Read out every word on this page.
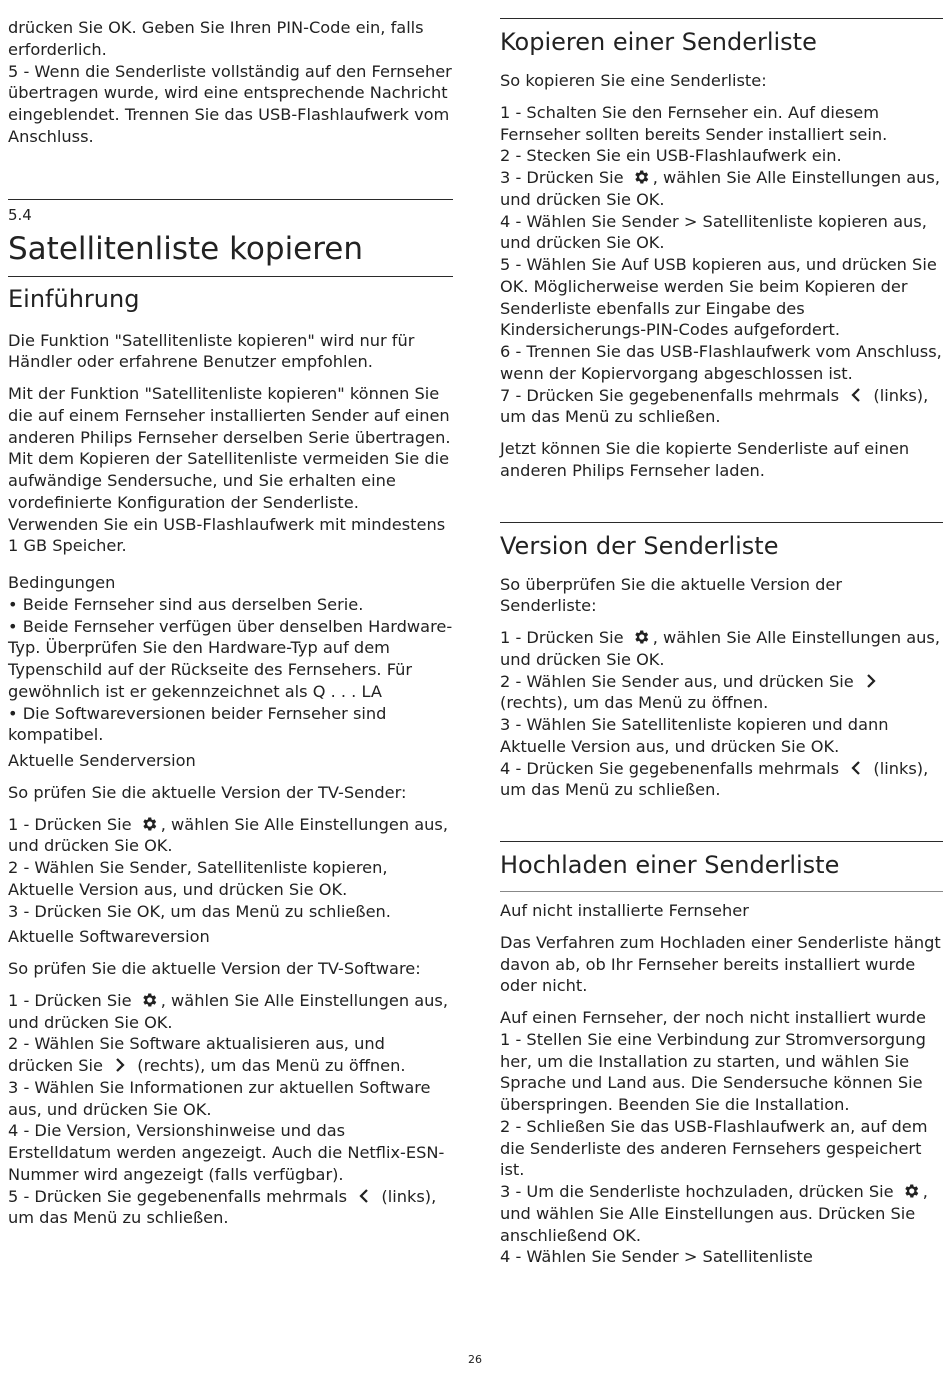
drücken Sie OK. Geben Sie Ihren PIN-Code ein, falls erforderlich.

5 - Wenn die Senderliste vollständig auf den Fernseher übertragen wurde, wird eine entsprechende Nachricht eingeblendet. Trennen Sie das USB-Flashlaufwerk vom Anschluss.

5.4
Satellitenliste kopieren
Einführung

Die Funktion "Satellitenliste kopieren" wird nur für Händler oder erfahrene Benutzer empfohlen.

Mit der Funktion "Satellitenliste kopieren" können Sie die auf einem Fernseher installierten Sender auf einen anderen Philips Fernseher derselben Serie übertragen. Mit dem Kopieren der Satellitenliste vermeiden Sie die aufwändige Sendersuche, und Sie erhalten eine vordefinierte Konfiguration der Senderliste. Verwenden Sie ein USB-Flashlaufwerk mit mindestens 1 GB Speicher.

Bedingungen

• Beide Fernseher sind aus derselben Serie.

• Beide Fernseher verfügen über denselben Hardware-Typ. Überprüfen Sie den Hardware-Typ auf dem Typenschild auf der Rückseite des Fernsehers. Für gewöhnlich ist er gekennzeichnet als Q . . . LA

• Die Softwareversionen beider Fernseher sind kompatibel.

Aktuelle Senderversion

So prüfen Sie die aktuelle Version der TV-Sender:

1 - Drücken Sie
, wählen Sie Alle Einstellungen aus, und drücken Sie OK.

2 - Wählen Sie Sender, Satellitenliste kopieren, Aktuelle Version aus, und drücken Sie OK.

3 - Drücken Sie OK, um das Menü zu schließen.

Aktuelle Softwareversion

So prüfen Sie die aktuelle Version der TV-Software:

1 - Drücken Sie
, wählen Sie Alle Einstellungen aus, und drücken Sie OK.

2 - Wählen Sie Software aktualisieren aus, und drücken Sie
(rechts), um das Menü zu öffnen.

3 - Wählen Sie Informationen zur aktuellen Software aus, und drücken Sie OK.

4 - Die Version, Versionshinweise und das Erstelldatum werden angezeigt. Auch die Netflix-ESN-Nummer wird angezeigt (falls verfügbar).

5 - Drücken Sie gegebenenfalls mehrmals
(links), um das Menü zu schließen.

Kopieren einer Senderliste

So kopieren Sie eine Senderliste:

1 - Schalten Sie den Fernseher ein. Auf diesem Fernseher sollten bereits Sender installiert sein.

2 - Stecken Sie ein USB-Flashlaufwerk ein.

3 - Drücken Sie
, wählen Sie Alle Einstellungen aus, und drücken Sie OK.

4 - Wählen Sie Sender > Satellitenliste kopieren aus, und drücken Sie OK.

5 - Wählen Sie Auf USB kopieren aus, und drücken Sie OK. Möglicherweise werden Sie beim Kopieren der Senderliste ebenfalls zur Eingabe des Kindersicherungs-PIN-Codes aufgefordert.

6 - Trennen Sie das USB-Flashlaufwerk vom Anschluss, wenn der Kopiervorgang abgeschlossen ist.

7 - Drücken Sie gegebenenfalls mehrmals
(links), um das Menü zu schließen.

Jetzt können Sie die kopierte Senderliste auf einen anderen Philips Fernseher laden.

Version der Senderliste

So überprüfen Sie die aktuelle Version der Senderliste:

1 - Drücken Sie
, wählen Sie Alle Einstellungen aus, und drücken Sie OK.

2 - Wählen Sie Sender aus, und drücken Sie
(rechts), um das Menü zu öffnen.

3 - Wählen Sie Satellitenliste kopieren und dann Aktuelle Version aus, und drücken Sie OK.

4 - Drücken Sie gegebenenfalls mehrmals
(links), um das Menü zu schließen.

Hochladen einer Senderliste
Auf nicht installierte Fernseher

Das Verfahren zum Hochladen einer Senderliste hängt davon ab, ob Ihr Fernseher bereits installiert wurde oder nicht.

Auf einen Fernseher, der noch nicht installiert wurde

1 - Stellen Sie eine Verbindung zur Stromversorgung her, um die Installation zu starten, und wählen Sie Sprache und Land aus. Die Sendersuche können Sie überspringen. Beenden Sie die Installation.

2 - Schließen Sie das USB-Flashlaufwerk an, auf dem die Senderliste des anderen Fernsehers gespeichert ist.

3 - Um die Senderliste hochzuladen, drücken Sie
, und wählen Sie Alle Einstellungen aus. Drücken Sie anschließend OK.

4 - Wählen Sie Sender > Satellitenliste

26
